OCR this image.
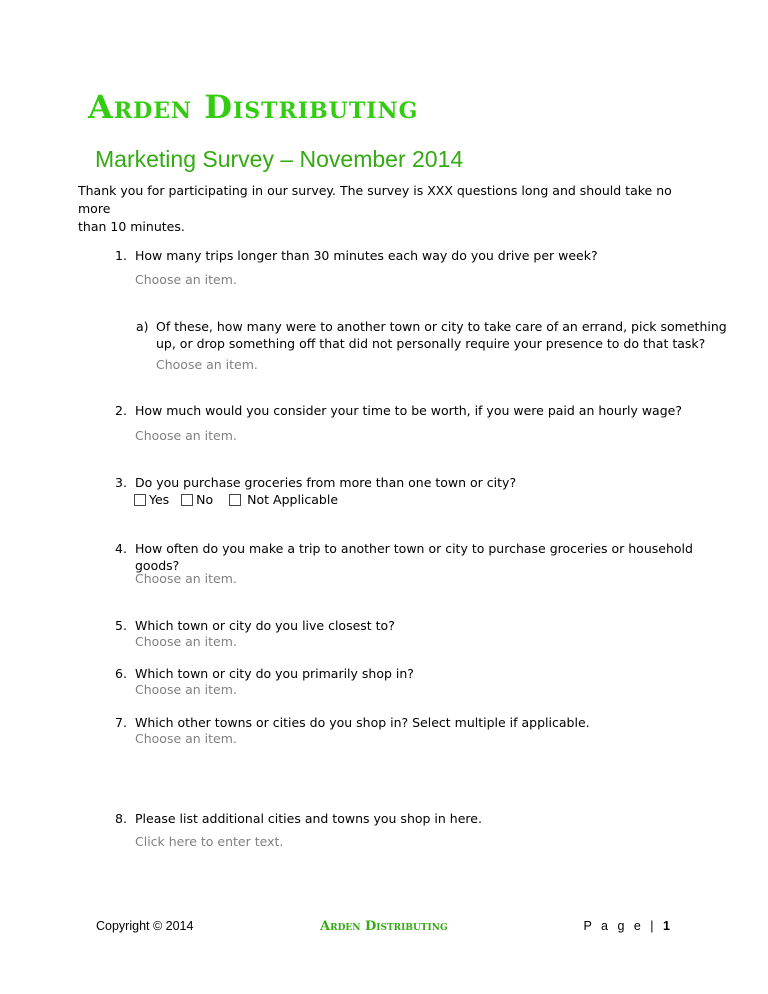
Arden Distributing
Marketing Survey – November 2014
Thank you for participating in our survey. The survey is XXX questions long and should take no more
than 10 minutes.
1. How many trips longer than 30 minutes each way do you drive per week?
Choose an item.
a) Of these, how many were to another town or city to take care of an errand, pick something
up, or drop something off that did not personally require your presence to do that task?
Choose an item.
2. How much would you consider your time to be worth, if you were paid an hourly wage?
Choose an item.
3. Do you purchase groceries from more than one town or city?
Yes
No
	Not Applicable
4. How often do you make a trip to another town or city to purchase groceries or household
goods?
Choose an item.
5. Which town or city do you live closest to?
Choose an item.
6. Which town or city do you primarily shop in?
Choose an item.
7. Which other towns or cities do you shop in? Select multiple if applicable.
Choose an item.
8. Please list additional cities and towns you shop in here.
Click here to enter text.
Copyright © 2014	Arden Distributing	P a g e | 1
